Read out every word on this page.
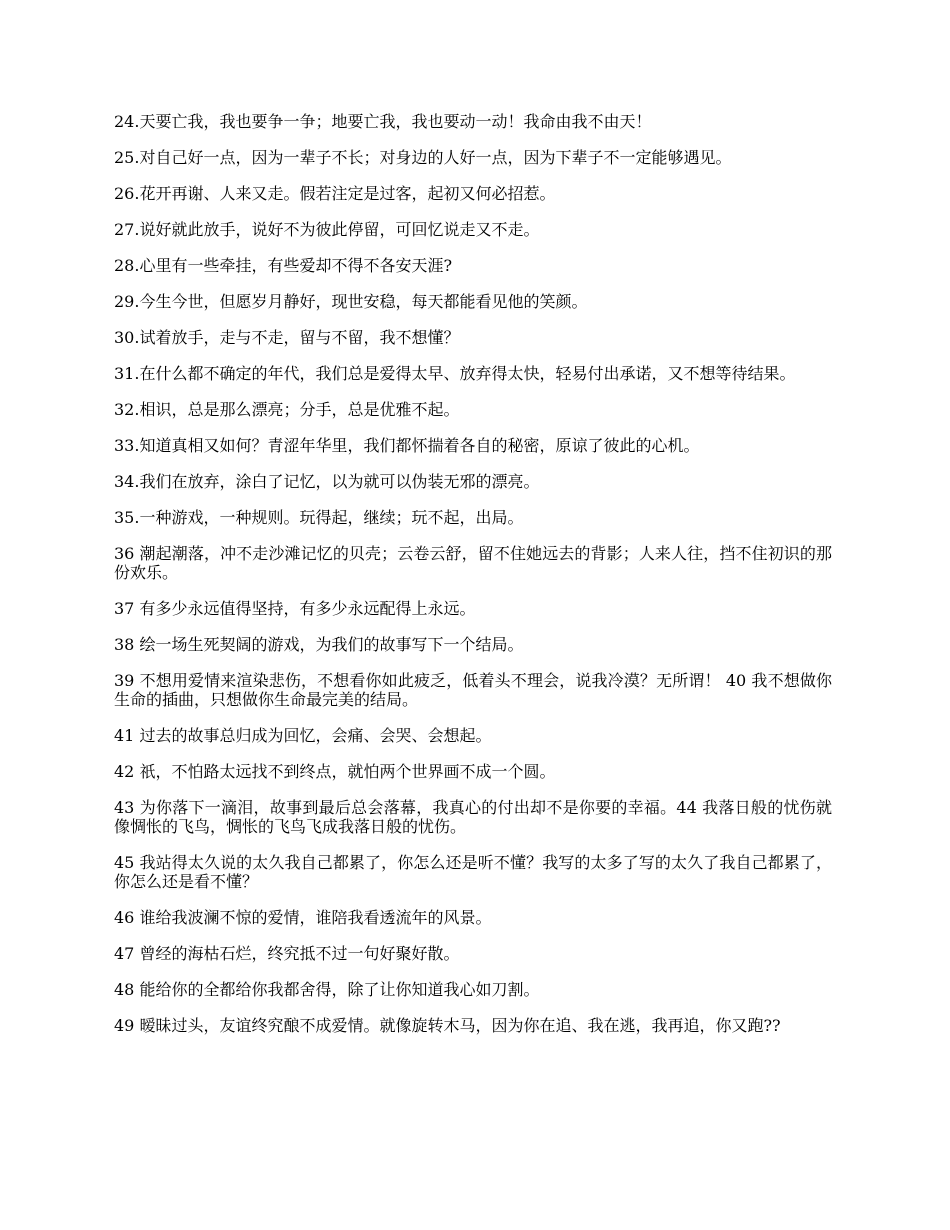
24.天要亡我，我也要争一争；地要亡我，我也要动一动！我命由我不由天！

25.对自己好一点，因为一辈子不长；对身边的人好一点，因为下辈子不一定能够遇见。

26.花开再谢、人来又走。假若注定是过客，起初又何必招惹。

27.说好就此放手，说好不为彼此停留，可回忆说走又不走。

28.心里有一些牵挂，有些爱却不得不各安天涯?

29.今生今世，但愿岁月静好，现世安稳，每天都能看见他的笑颜。

30.试着放手，走与不走，留与不留，我不想懂？

31.在什么都不确定的年代，我们总是爱得太早、放弃得太快，轻易付出承诺，又不想等待结果。

32.相识，总是那么漂亮；分手，总是优雅不起。

33.知道真相又如何？青涩年华里，我们都怀揣着各自的秘密，原谅了彼此的心机。

34.我们在放弃，涂白了记忆，以为就可以伪装无邪的漂亮。

35.一种游戏，一种规则。玩得起，继续；玩不起，出局。

36 潮起潮落，冲不走沙滩记忆的贝壳；云卷云舒，留不住她远去的背影；人来人往，挡不住初识的那份欢乐。

37 有多少永远值得坚持，有多少永远配得上永远。

38 绘一场生死契阔的游戏，为我们的故事写下一个结局。

39 不想用爱情来渲染悲伤，不想看你如此疲乏，低着头不理会，说我冷漠？无所谓！ 40 我不想做你生命的插曲，只想做你生命最完美的结局。

41 过去的故事总归成为回忆，会痛、会哭、会想起。

42 祇，不怕路太远找不到终点，就怕两个世界画不成一个圆。

43 为你落下一滴泪，故事到最后总会落幕，我真心的付出却不是你要的幸福。44 我落日般的忧伤就像惆怅的飞鸟，惆怅的飞鸟飞成我落日般的忧伤。

45 我站得太久说的太久我自己都累了，你怎么还是听不懂？我写的太多了写的太久了我自己都累了，你怎么还是看不懂？

46 谁给我波澜不惊的爱情，谁陪我看透流年的风景。

47 曾经的海枯石烂，终究抵不过一句好聚好散。

48 能给你的全都给你我都舍得，除了让你知道我心如刀割。

49 暧昧过头，友谊终究酿不成爱情。就像旋转木马，因为你在追、我在逃，我再追，你又跑??
